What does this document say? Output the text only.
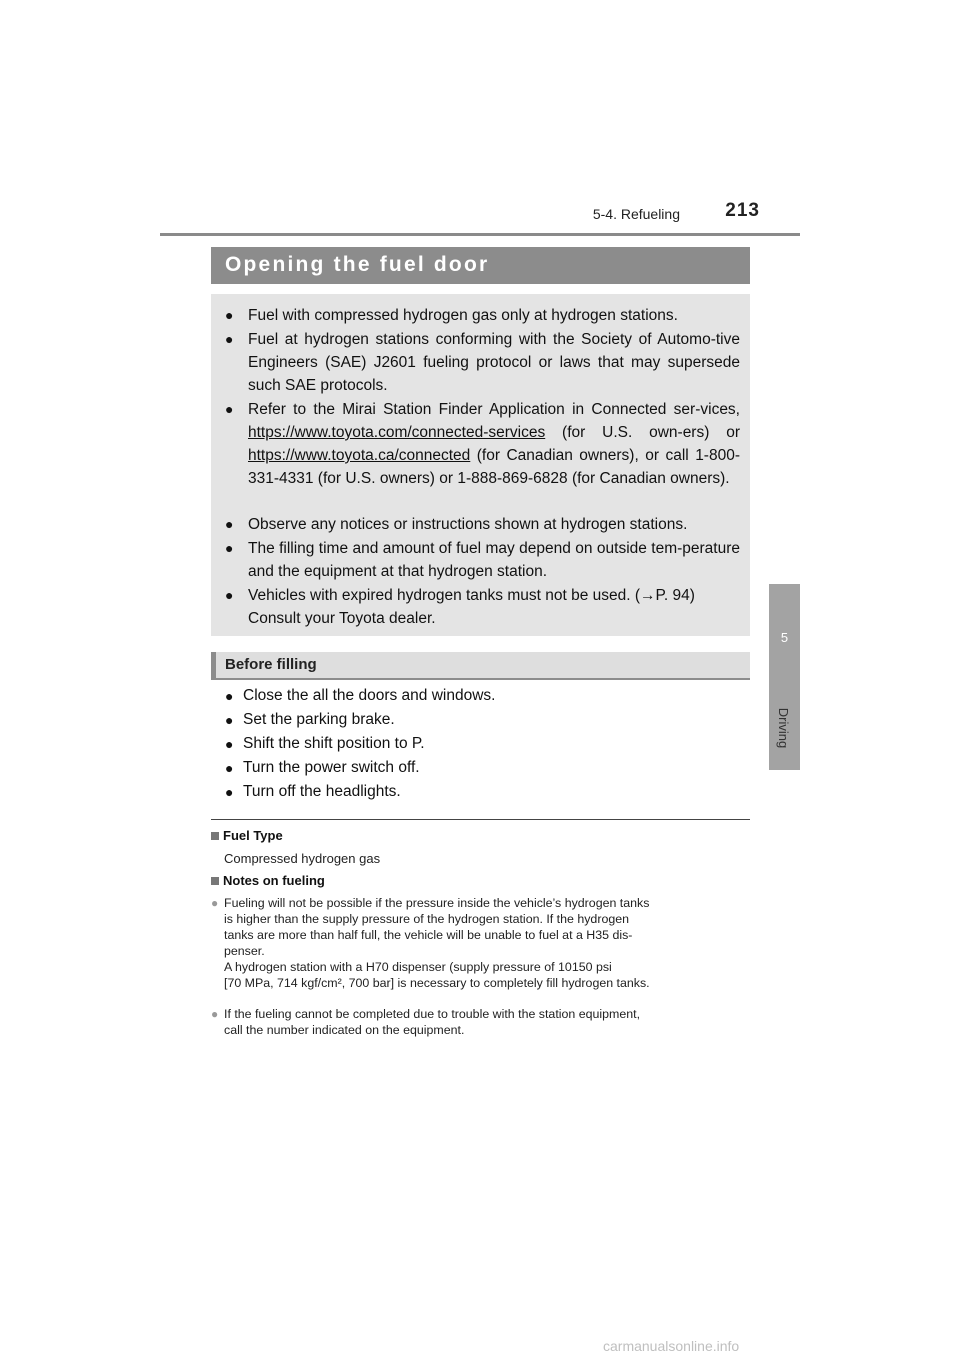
5-4. Refueling	213
5
Driving
Opening the fuel door
● Fuel with compressed hydrogen gas only at hydrogen stations.
● Fuel at hydrogen stations conforming with the Society of Automo-tive Engineers (SAE) J2601 fueling protocol or laws that may supersede such SAE protocols.
● Refer to the Mirai Station Finder Application in Connected ser-vices, https://www.toyota.com/connected-services (for U.S. own-ers) or https://www.toyota.ca/connected (for Canadian owners), or call 1-800-331-4331 (for U.S. owners) or 1-888-869-6828 (for Canadian owners).
● Observe any notices or instructions shown at hydrogen stations.
● The filling time and amount of fuel may depend on outside tem-perature and the equipment at that hydrogen station.
● Vehicles with expired hydrogen tanks must not be used. (→P. 94)
Consult your Toyota dealer.
Before filling
● Close the all the doors and windows.
● Set the parking brake.
● Shift the shift position to P.
● Turn the power switch off.
● Turn off the headlights.
Fuel Type
Compressed hydrogen gas
Notes on fueling
● Fueling will not be possible if the pressure inside the vehicle’s hydrogen tanks
is higher than the supply pressure of the hydrogen station. If the hydrogen
tanks are more than half full, the vehicle will be unable to fuel at a H35 dis-
penser.
A hydrogen station with a H70 dispenser (supply pressure of 10150 psi
[70 MPa, 714 kgf/cm², 700 bar] is necessary to completely fill hydrogen tanks.
● If the fueling cannot be completed due to trouble with the station equipment,
call the number indicated on the equipment.
carmanualsonline.info
